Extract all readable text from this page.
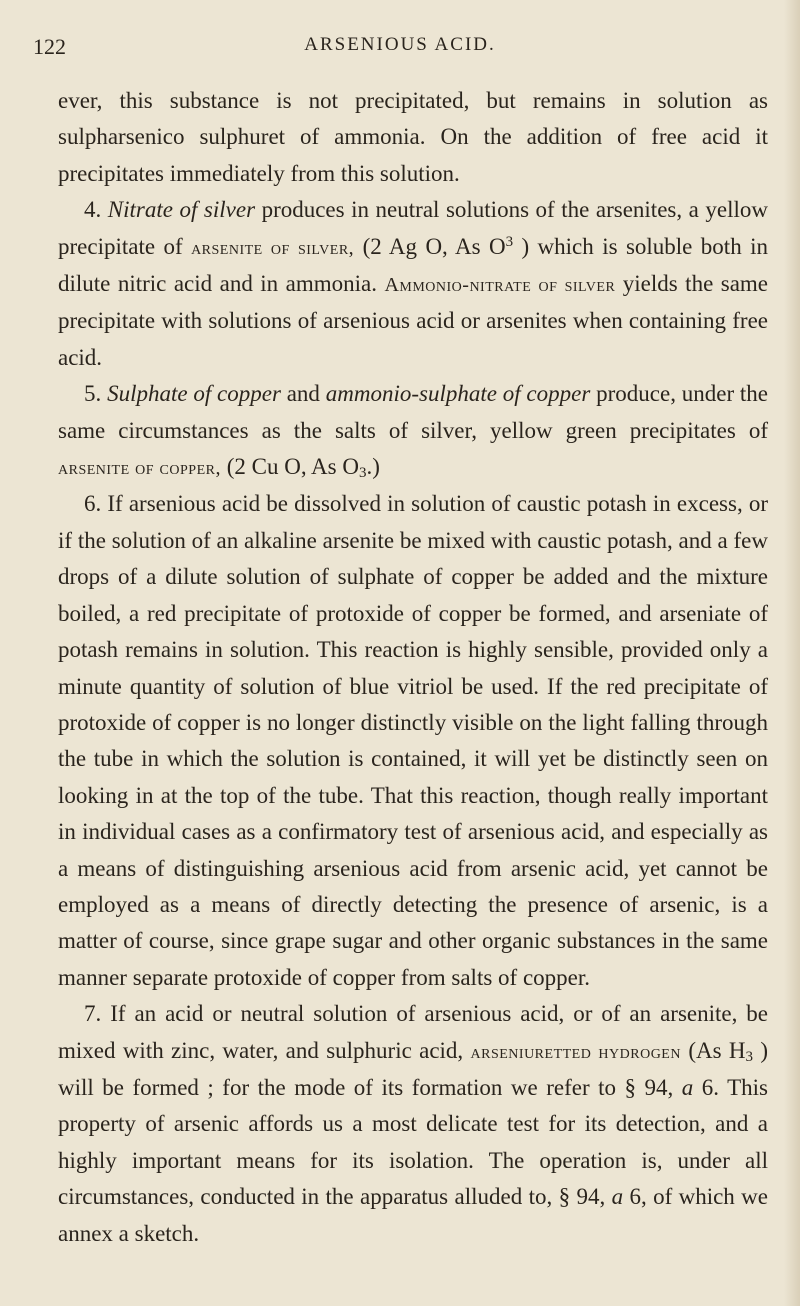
122	ARSENIOUS ACID.

ever, this substance is not precipitated, but remains in solution as sulpharsenico sulphuret of ammonia. On the addition of free acid it precipitates immediately from this solution.

4. Nitrate of silver produces in neutral solutions of the arsenites, a yellow precipitate of arsenite of silver, (2 Ag O, As $O^3$ ) which is soluble both in dilute nitric acid and in ammonia. Ammonio-nitrate of silver yields the same precipitate with solutions of arsenious acid or arsenites when containing free acid.

5. Sulphate of copper and ammonio-sulphate of copper produce, under the same circumstances as the salts of silver, yellow green precipitates of arsenite of copper, (2 Cu O, As $O_3$.)

6. If arsenious acid be dissolved in solution of caustic potash in excess, or if the solution of an alkaline arsenite be mixed with caustic potash, and a few drops of a dilute solution of sulphate of copper be added and the mixture boiled, a red precipitate of protoxide of copper be formed, and arseniate of potash remains in solution. This reaction is highly sensible, provided only a minute quantity of solution of blue vitriol be used. If the red precipitate of protoxide of copper is no longer distinctly visible on the light falling through the tube in which the solution is contained, it will yet be distinctly seen on looking in at the top of the tube. That this reaction, though really important in individual cases as a confirmatory test of arsenious acid, and especially as a means of distinguishing arsenious acid from arsenic acid, yet cannot be employed as a means of directly detecting the presence of arsenic, is a matter of course, since grape sugar and other organic substances in the same manner separate protoxide of copper from salts of copper.

7. If an acid or neutral solution of arsenious acid, or of an arsenite, be mixed with zinc, water, and sulphuric acid, arseniuretted hydrogen (As $H_3$ ) will be formed ; for the mode of its formation we refer to § 94, a 6. This property of arsenic affords us a most delicate test for its detection, and a highly important means for its isolation. The operation is, under all circumstances, conducted in the apparatus alluded to, § 94, a 6, of which we annex a sketch.
